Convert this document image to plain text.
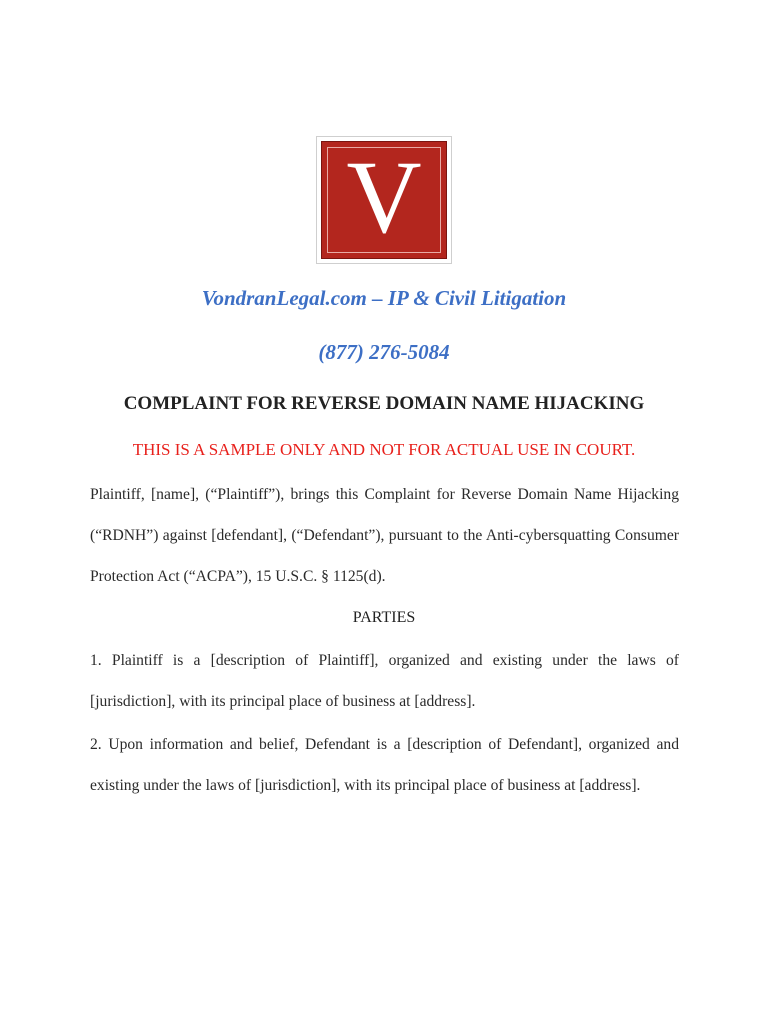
V
VondranLegal.com – IP & Civil Litigation
(877) 276-5084
COMPLAINT FOR REVERSE DOMAIN NAME HIJACKING
THIS IS A SAMPLE ONLY AND NOT FOR ACTUAL USE IN COURT.
Plaintiff, [name], (“Plaintiff”), brings this Complaint for Reverse Domain Name Hijacking (“RDNH”) against [defendant], (“Defendant”), pursuant to the Anti-cybersquatting Consumer Protection Act (“ACPA”), 15 U.S.C. § 1125(d).
PARTIES
1. Plaintiff is a [description of Plaintiff], organized and existing under the laws of [jurisdiction], with its principal place of business at [address].
2. Upon information and belief, Defendant is a [description of Defendant], organized and existing under the laws of [jurisdiction], with its principal place of business at [address].
